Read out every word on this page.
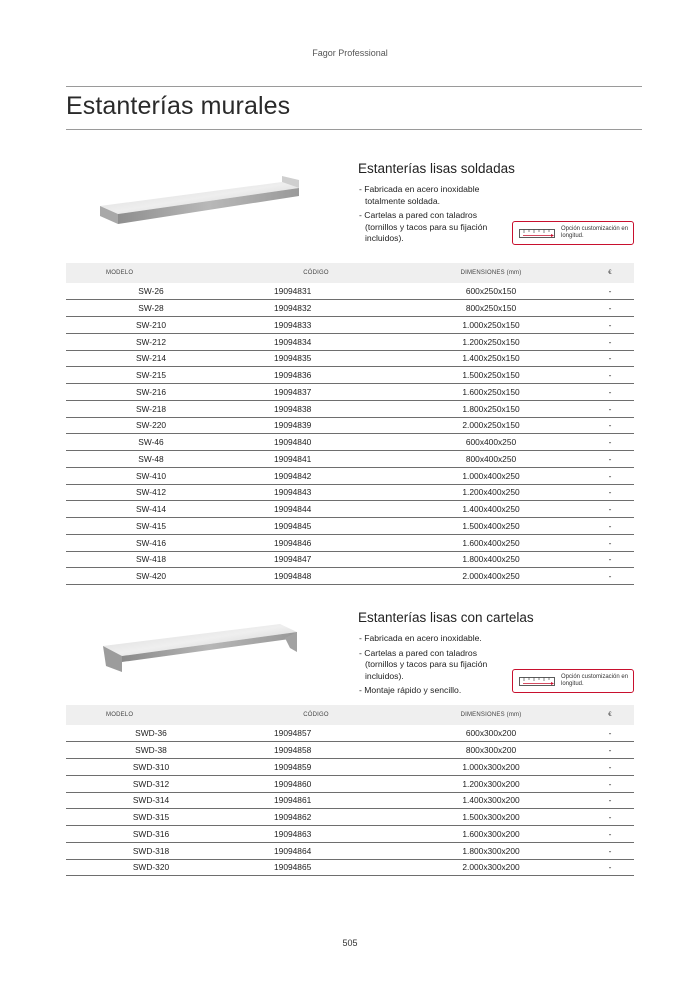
Fagor Professional
Estanterías murales
Estanterías lisas soldadas
- Fabricada en acero inoxidable totalmente soldada.
- Cartelas a pared con taladros (tornillos y tacos para su fijación incluidos).
Opción customización en longitud.
MODELO	CÓDIGO	DIMENSIONES (mm)	€
SW-26	19094831	600x250x150	-
SW-28	19094832	800x250x150	-
SW-210	19094833	1.000x250x150	-
SW-212	19094834	1.200x250x150	-
SW-214	19094835	1.400x250x150	-
SW-215	19094836	1.500x250x150	-
SW-216	19094837	1.600x250x150	-
SW-218	19094838	1.800x250x150	-
SW-220	19094839	2.000x250x150	-
SW-46	19094840	600x400x250	-
SW-48	19094841	800x400x250	-
SW-410	19094842	1.000x400x250	-
SW-412	19094843	1.200x400x250	-
SW-414	19094844	1.400x400x250	-
SW-415	19094845	1.500x400x250	-
SW-416	19094846	1.600x400x250	-
SW-418	19094847	1.800x400x250	-
SW-420	19094848	2.000x400x250	-
Estanterías lisas con cartelas
- Fabricada en acero inoxidable.
- Cartelas a pared con taladros (tornillos y tacos para su fijación incluidos).
- Montaje rápido y sencillo.
Opción customización en longitud.
MODELO	CÓDIGO	DIMENSIONES (mm)	€
SWD-36	19094857	600x300x200	-
SWD-38	19094858	800x300x200	-
SWD-310	19094859	1.000x300x200	-
SWD-312	19094860	1.200x300x200	-
SWD-314	19094861	1.400x300x200	-
SWD-315	19094862	1.500x300x200	-
SWD-316	19094863	1.600x300x200	-
SWD-318	19094864	1.800x300x200	-
SWD-320	19094865	2.000x300x200	-
505
